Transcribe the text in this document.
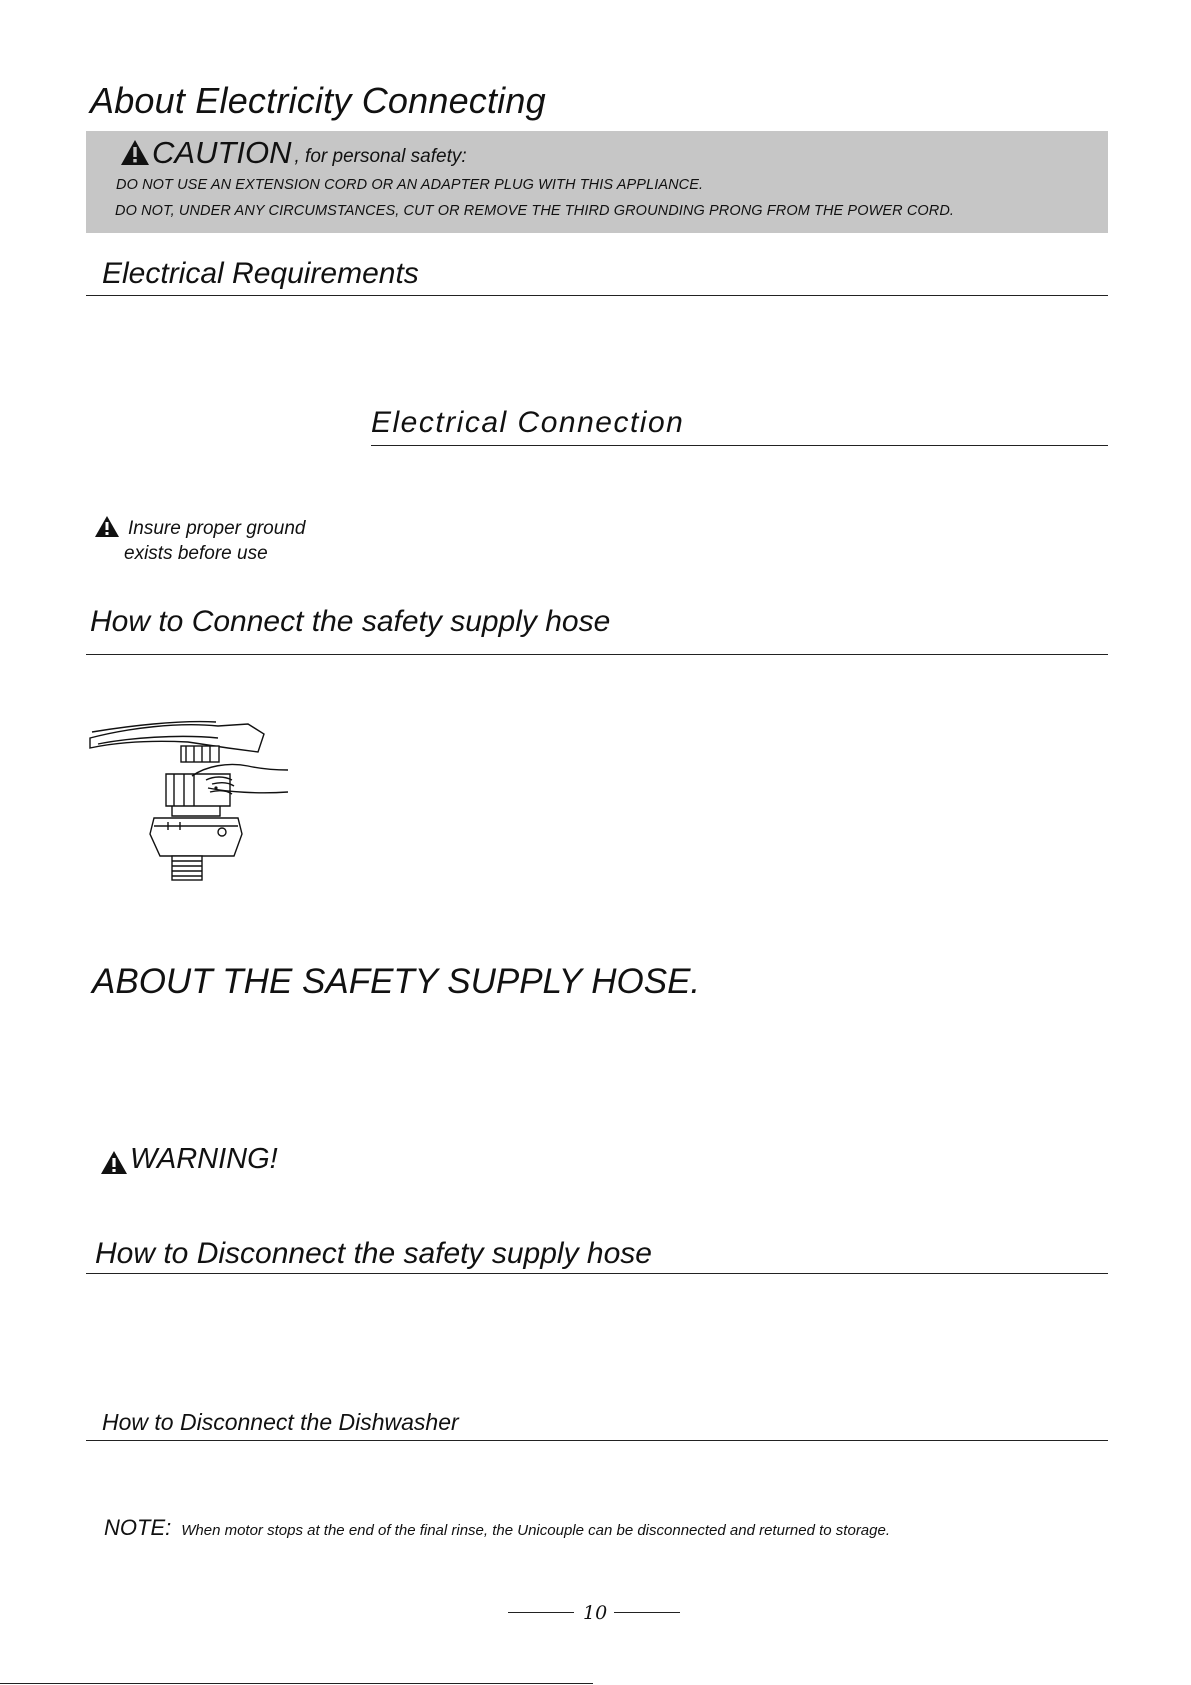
About Electricity Connecting
CAUTION , for personal safety:
DO NOT USE AN EXTENSION CORD OR AN ADAPTER PLUG WITH THIS APPLIANCE.
DO NOT, UNDER ANY CIRCUMSTANCES, CUT OR REMOVE THE THIRD GROUNDING PRONG FROM THE POWER CORD.
Electrical Requirements
Electrical Connection
Insure proper ground
exists before use
How to Connect the safety supply hose
ABOUT THE SAFETY SUPPLY HOSE.
WARNING!
How to Disconnect the safety supply hose
How to Disconnect the Dishwasher
NOTE: When motor stops at the end of the final rinse, the Unicouple can be disconnected and returned to storage.
10
